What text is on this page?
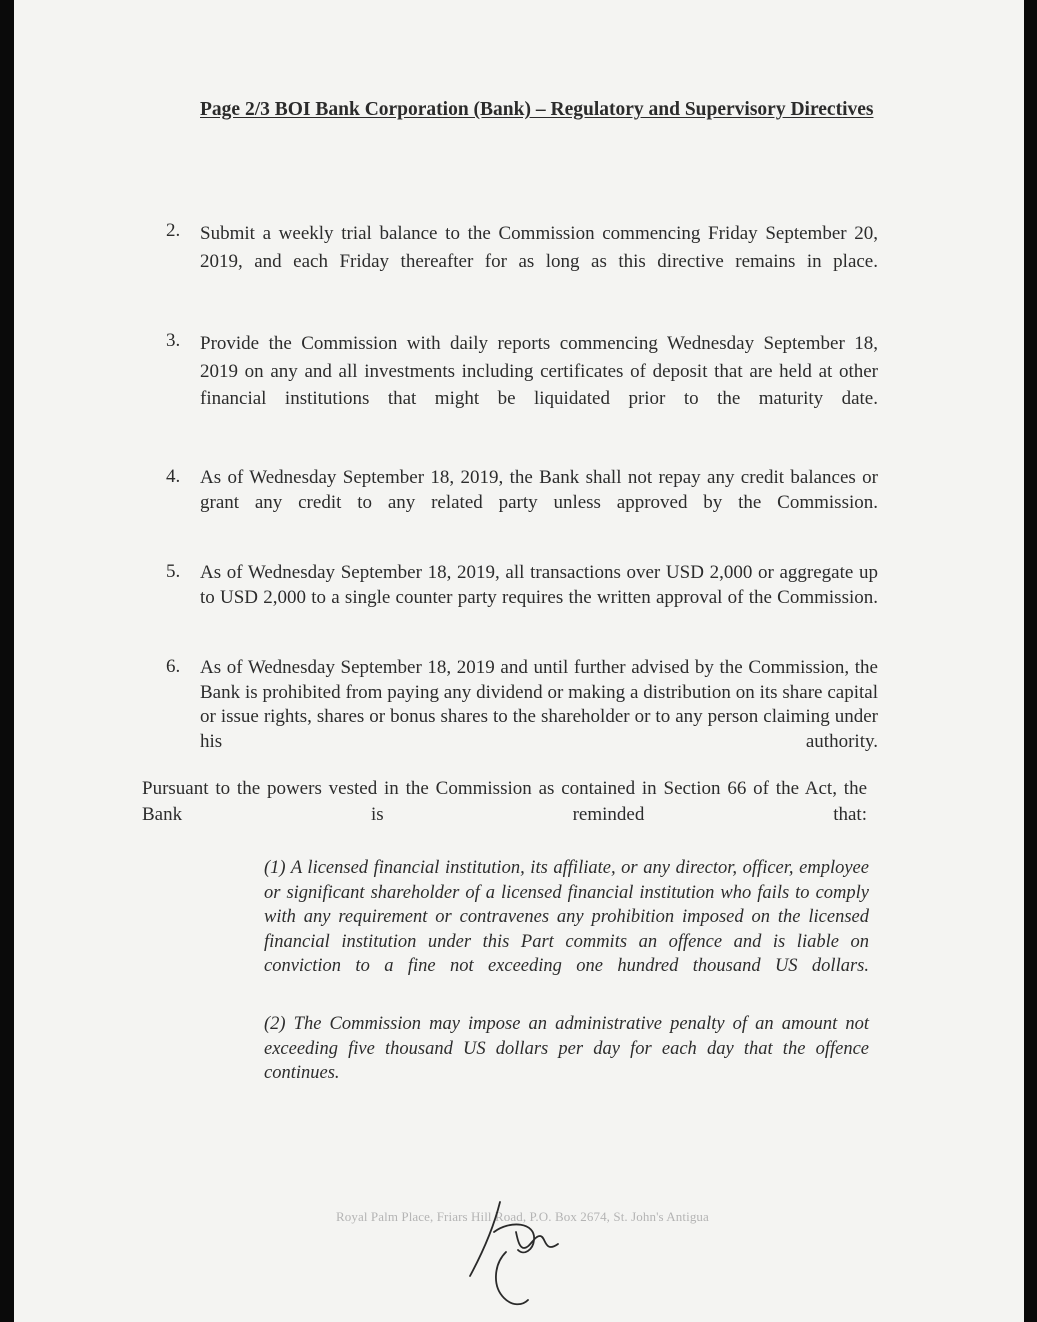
Page 2/3 BOI Bank Corporation (Bank) – Regulatory and Supervisory Directives
2.	Submit a weekly trial balance to the Commission commencing Friday September 20, 2019, and each Friday thereafter for as long as this directive remains in place.
3.	Provide the Commission with daily reports commencing Wednesday September 18, 2019 on any and all investments including certificates of deposit that are held at other financial institutions that might be liquidated prior to the maturity date.
4.	As of Wednesday September 18, 2019, the Bank shall not repay any credit balances or grant any credit to any related party unless approved by the Commission.
5.	As of Wednesday September 18, 2019, all transactions over USD 2,000 or aggregate up to USD 2,000 to a single counter party requires the written approval of the Commission.
6.	As of Wednesday September 18, 2019 and until further advised by the Commission, the Bank is prohibited from paying any dividend or making a distribution on its share capital or issue rights, shares or bonus shares to the shareholder or to any person claiming under his authority.
Pursuant to the powers vested in the Commission as contained in Section 66 of the Act, the Bank is reminded that:
(1) A licensed financial institution, its affiliate, or any director, officer, employee or significant shareholder of a licensed financial institution who fails to comply with any requirement or contravenes any prohibition imposed on the licensed financial institution under this Part commits an offence and is liable on conviction to a fine not exceeding one hundred thousand US dollars.
(2) The Commission may impose an administrative penalty of an amount not exceeding five thousand US dollars per day for each day that the offence continues.
Royal Palm Place, Friars Hill Road, P.O. Box 2674, St. John's Antigua
